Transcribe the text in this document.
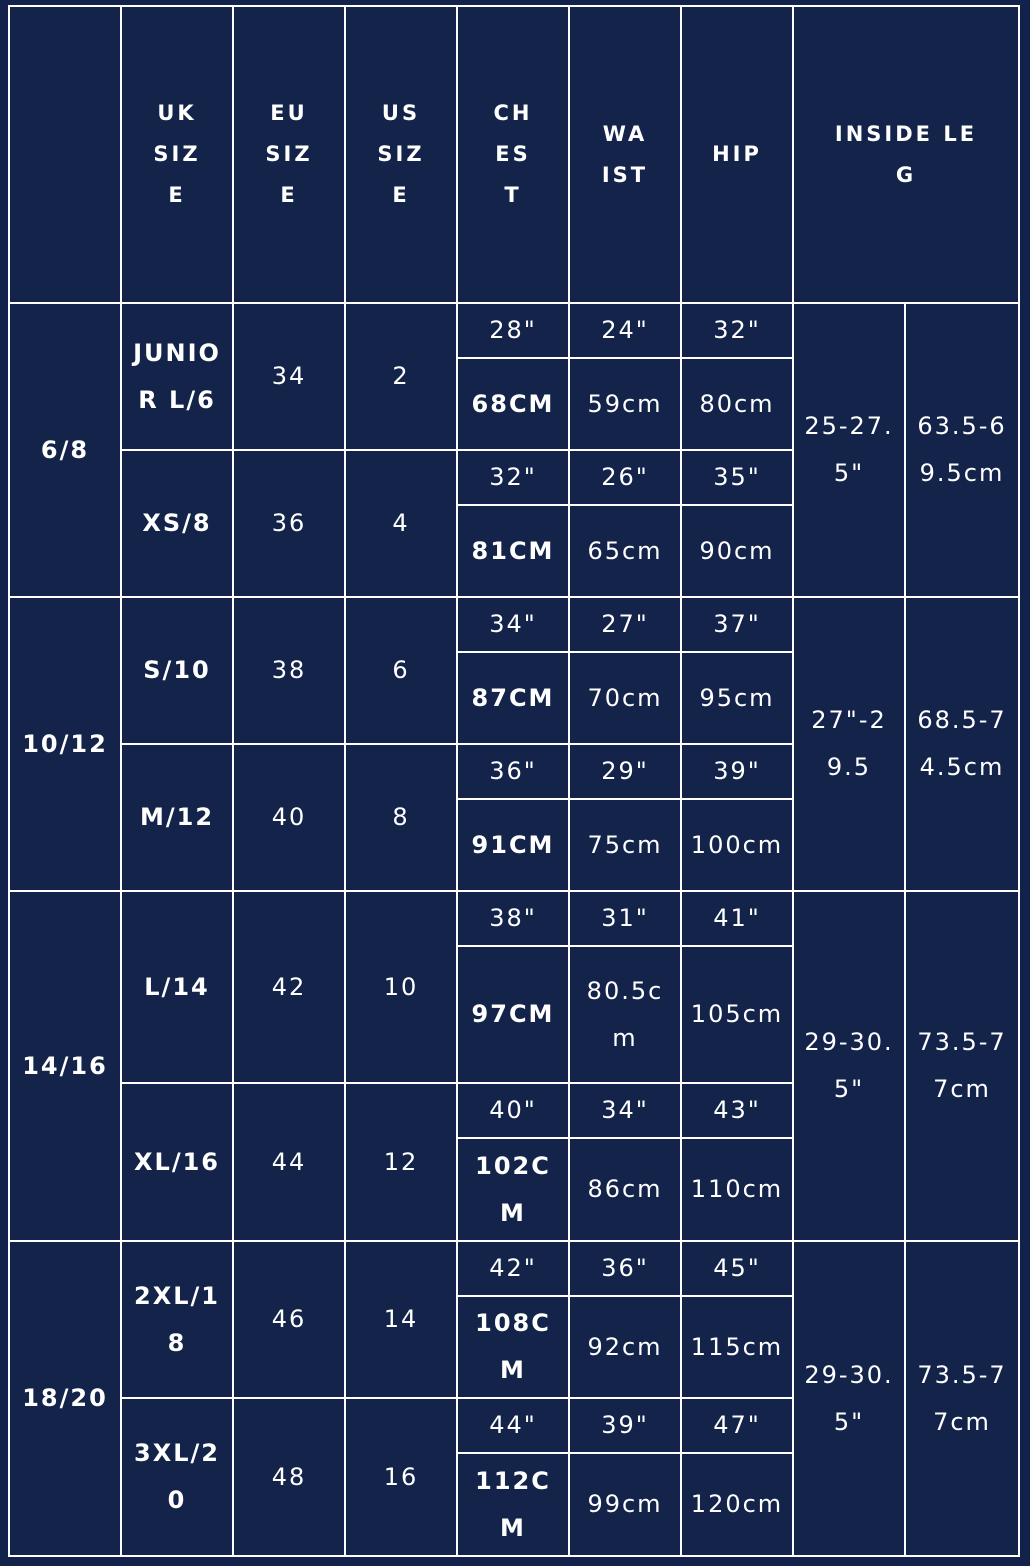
	UKSIZE	EUSIZE	USSIZE	CHEST	WAIST	HIP	INSIDE LEG	
6/8	JUNIOR L/6	34	2	28"	24"	32"	25-27.5"	63.5-69.5cm
				68CM	59cm	80cm		
	XS/8	36	4	32"	26"	35"		
				81CM	65cm	90cm		
10/12	S/10	38	6	34"	27"	37"	27"-29.5	68.5-74.5cm
				87CM	70cm	95cm		
	M/12	40	8	36"	29"	39"		
				91CM	75cm	100cm		
14/16	L/14	42	10	38"	31"	41"	29-30.5"	73.5-77cm
				97CM	80.5cm	105cm		
	XL/16	44	12	40"	34"	43"		
				102CM	86cm	110cm		
18/20	2XL/18	46	14	42"	36"	45"	29-30.5"	73.5-77cm
				108CM	92cm	115cm		
	3XL/20	48	16	44"	39"	47"		
				112CM	99cm	120cm		
